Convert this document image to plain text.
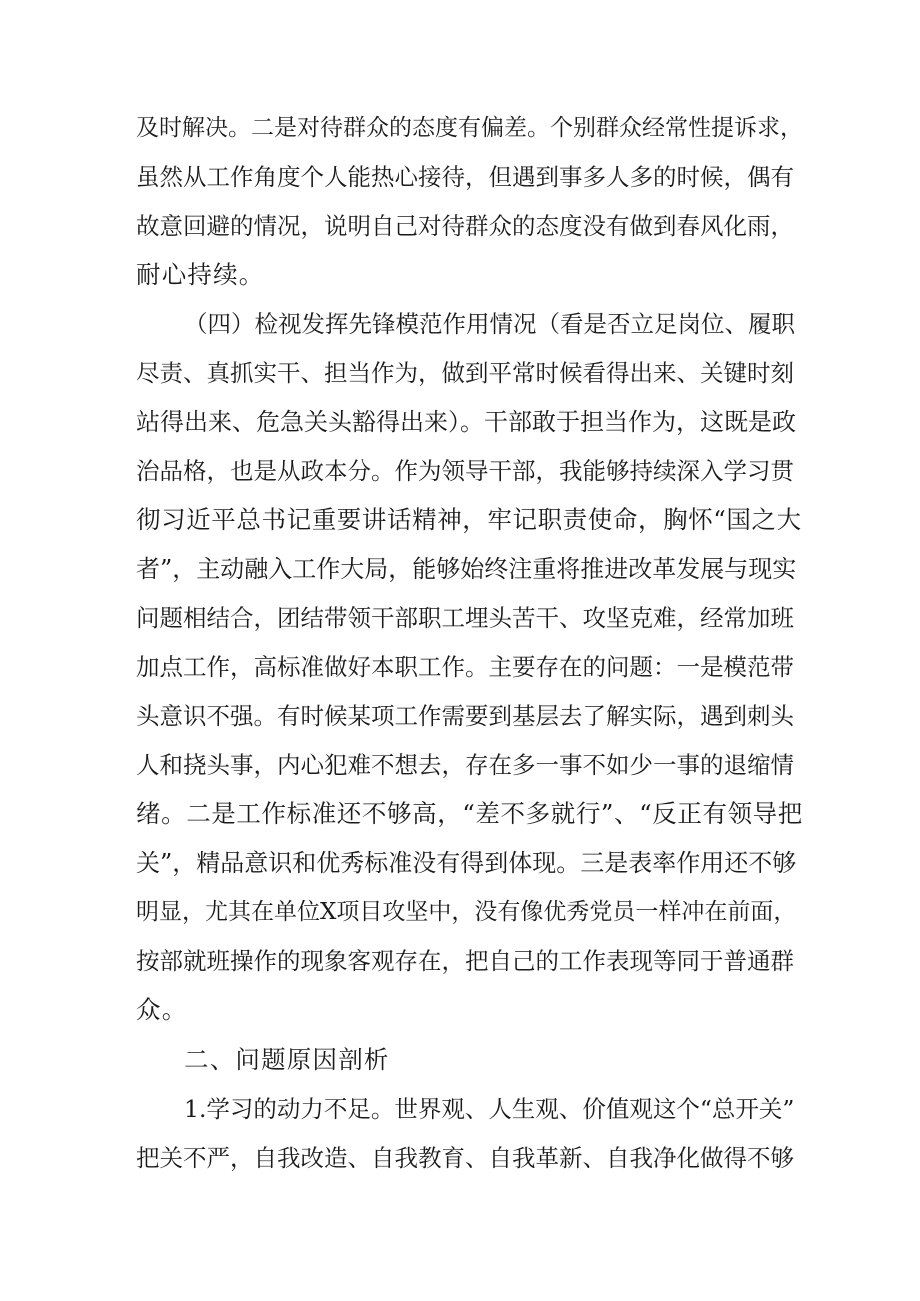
及时解决。二是对待群众的态度有偏差。个别群众经常性提诉求，
虽然从工作角度个人能热心接待，但遇到事多人多的时候，偶有
故意回避的情况，说明自己对待群众的态度没有做到春风化雨，
耐心持续。
（四）检视发挥先锋模范作用情况（看是否立足岗位、履职
尽责、真抓实干、担当作为，做到平常时候看得出来、关键时刻
站得出来、危急关头豁得出来）。干部敢于担当作为，这既是政
治品格，也是从政本分。作为领导干部，我能够持续深入学习贯
彻习近平总书记重要讲话精神，牢记职责使命，胸怀“国之大
者”，主动融入工作大局，能够始终注重将推进改革发展与现实
问题相结合，团结带领干部职工埋头苦干、攻坚克难，经常加班
加点工作，高标准做好本职工作。主要存在的问题：一是模范带
头意识不强。有时候某项工作需要到基层去了解实际，遇到刺头
人和挠头事，内心犯难不想去，存在多一事不如少一事的退缩情
绪。二是工作标准还不够高，“差不多就行”、“反正有领导把
关”，精品意识和优秀标准没有得到体现。三是表率作用还不够
明显，尤其在单位X项目攻坚中，没有像优秀党员一样冲在前面，
按部就班操作的现象客观存在，把自己的工作表现等同于普通群
众。
二、问题原因剖析
1.学习的动力不足。世界观、人生观、价值观这个“总开关”
把关不严，自我改造、自我教育、自我革新、自我净化做得不够
